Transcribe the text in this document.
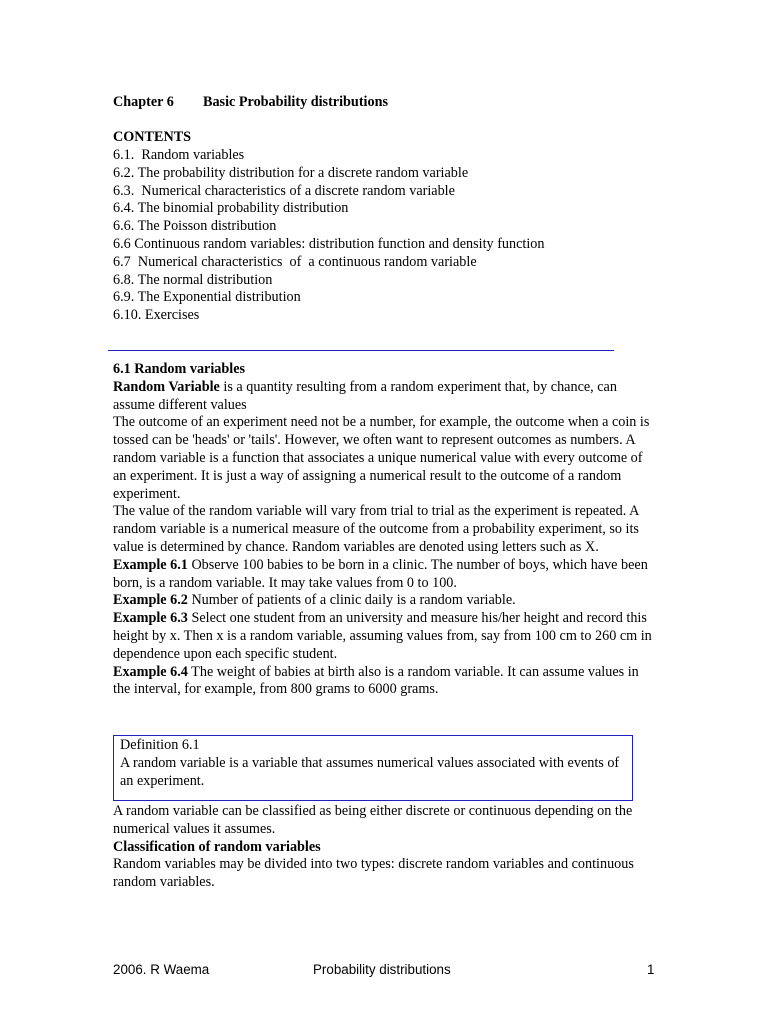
Chapter 6 Basic Probability distributions
CONTENTS
6.1.  Random variables
6.2. The probability distribution for a discrete random variable
6.3.  Numerical characteristics of a discrete random variable
6.4. The binomial probability distribution
6.6. The Poisson distribution
6.6 Continuous random variables: distribution function and density function
6.7  Numerical characteristics  of  a continuous random variable
6.8. The normal distribution
6.9. The Exponential distribution
6.10. Exercises

6.1 Random variables

Random Variable is a quantity resulting from a random experiment that, by chance, can assume different values

The outcome of an experiment need not be a number, for example, the outcome when a coin is tossed can be 'heads' or 'tails'. However, we often want to represent outcomes as numbers. A random variable is a function that associates a unique numerical value with every outcome of an experiment. It is just a way of assigning a numerical result to the outcome of a random experiment.

The value of the random variable will vary from trial to trial as the experiment is repeated. A random variable is a numerical measure of the outcome from a probability experiment, so its value is determined by chance. Random variables are denoted using letters such as X.

Example 6.1 Observe 100 babies to be born in a clinic. The number of boys, which have been born, is a random variable. It may take values from 0 to 100.

Example 6.2 Number of patients of a clinic daily is a random variable.

Example 6.3 Select one student from an university and measure his/her height and record this height by x. Then x is a random variable, assuming values from, say from 100 cm to 260 cm in dependence upon each specific student.

Example 6.4 The weight of babies at birth also is a random variable. It can assume values in the interval, for example, from 800 grams to 6000 grams.

Definition 6.1

A random variable is a variable that assumes numerical values associated with events of an experiment.

A random variable can be classified as being either discrete or continuous depending on the numerical values it assumes.

Classification of random variables

Random variables may be divided into two types: discrete random variables and continuous random variables.

2006. R Waema	Probability distributions	1
